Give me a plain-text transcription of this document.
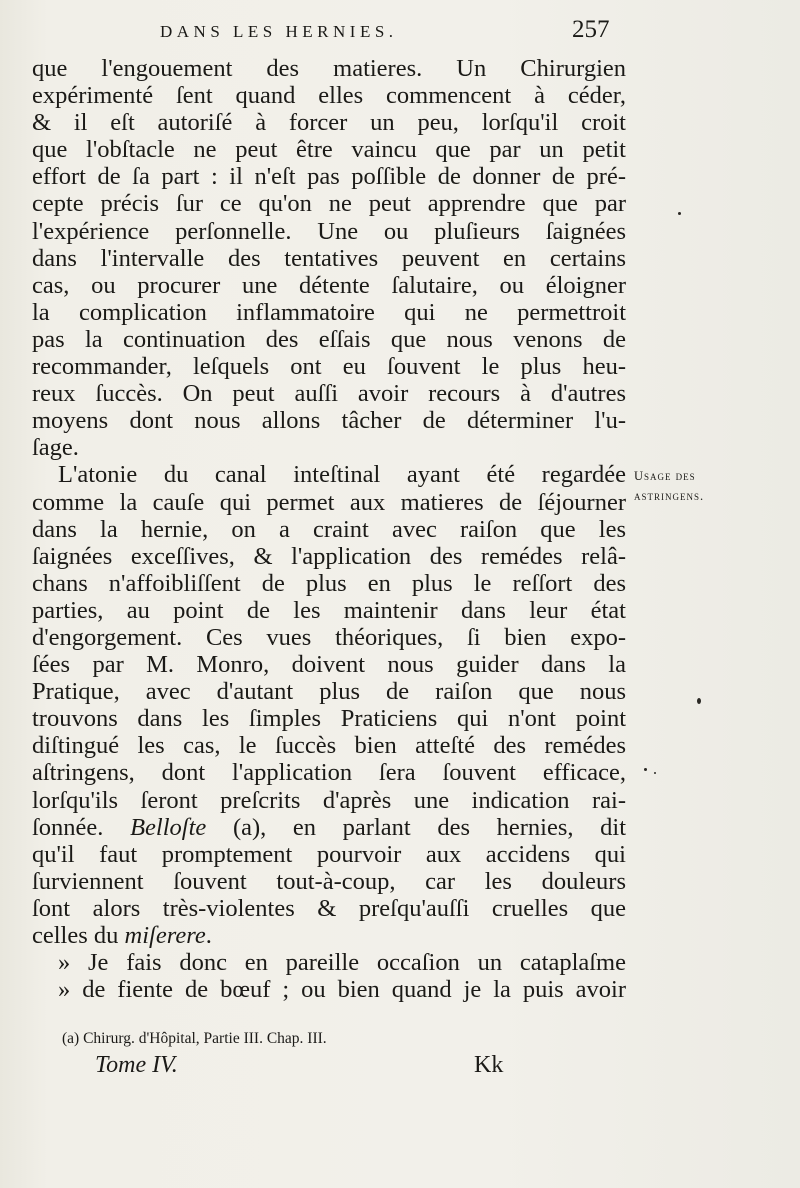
DANS LES HERNIES.	257
que l'engouement des matieres. Un Chirurgien
expérimenté ſent quand elles commencent à céder,
& il eſt autoriſé à forcer un peu, lorſqu'il croit
que l'obſtacle ne peut être vaincu que par un petit
effort de ſa part : il n'eſt pas poſſible de donner de pré-
cepte précis ſur ce qu'on ne peut apprendre que par
l'expérience perſonnelle. Une ou pluſieurs ſaignées
dans l'intervalle des tentatives peuvent en certains
cas, ou procurer une détente ſalutaire, ou éloigner
la complication inflammatoire qui ne permettroit
pas la continuation des eſſais que nous venons de
recommander, leſquels ont eu ſouvent le plus heu-
reux ſuccès. On peut auſſi avoir recours à d'autres
moyens dont nous allons tâcher de déterminer l'u-
ſage.
L'atonie du canal inteſtinal ayant été regardée
comme la cauſe qui permet aux matieres de ſéjourner
dans la hernie, on a craint avec raiſon que les
ſaignées exceſſives, & l'application des remédes relâ-
chans n'affoibliſſent de plus en plus le reſſort des
parties, au point de les maintenir dans leur état
d'engorgement. Ces vues théoriques, ſi bien expo-
ſées par M. Monro, doivent nous guider dans la
Pratique, avec d'autant plus de raiſon que nous
trouvons dans les ſimples Praticiens qui n'ont point
diſtingué les cas, le ſuccès bien atteſté des remédes
aſtringens, dont l'application ſera ſouvent efficace,
lorſqu'ils ſeront preſcrits d'après une indication rai-
ſonnée. Belloſte (a), en parlant des hernies, dit
qu'il faut promptement pourvoir aux accidens qui
ſurviennent ſouvent tout-à-coup, car les douleurs
ſont alors très-violentes & preſqu'auſſi cruelles que
celles du miſerere.
» Je fais donc en pareille occaſion un cataplaſme
» de fiente de bœuf ; ou bien quand je la puis avoir
Usage des
astringens.
(a) Chirurg. d'Hôpital, Partie III. Chap. III.
Tome IV.	Kk
